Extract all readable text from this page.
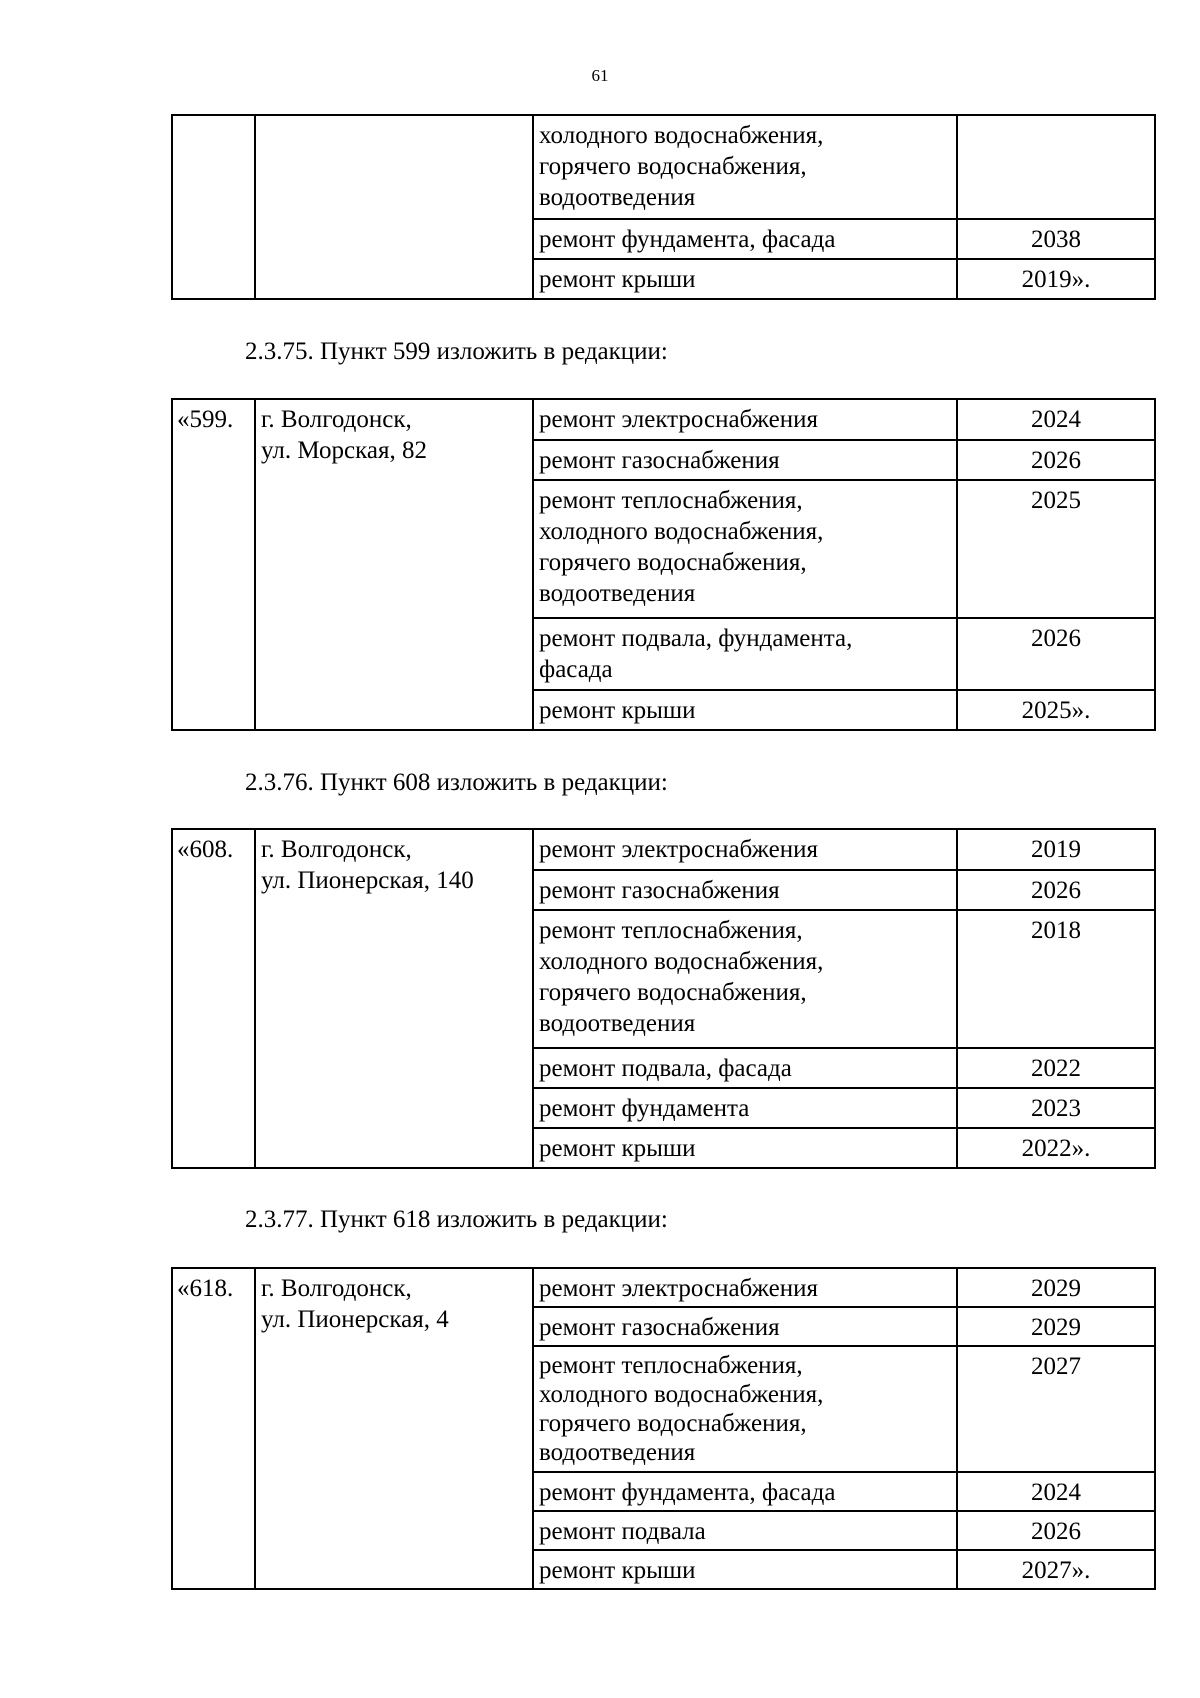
61

		холодного водоснабжения,
горячего водоснабжения,
водоотведения	

		ремонт фундамента, фасада	2038

		ремонт крыши	2019».
2.3.75. Пункт 599 изложить в редакции:
«599.	г. Волгодонск,
ул. Морская, 82	ремонт электроснабжения	2024

		ремонт газоснабжения	2026

		ремонт теплоснабжения,
холодного водоснабжения,
горячего водоснабжения,
водоотведения	2025

		ремонт подвала, фундамента,
фасада	2026

		ремонт крыши	2025».
2.3.76. Пункт 608 изложить в редакции:
«608.	г. Волгодонск,
ул. Пионерская, 140	ремонт электроснабжения	2019

		ремонт газоснабжения	2026

		ремонт теплоснабжения,
холодного водоснабжения,
горячего водоснабжения,
водоотведения	2018

		ремонт подвала, фасада	2022

		ремонт фундамента	2023

		ремонт крыши	2022».
2.3.77. Пункт 618 изложить в редакции:
«618.	г. Волгодонск,
ул. Пионерская, 4	ремонт электроснабжения	2029

		ремонт газоснабжения	2029

		ремонт теплоснабжения,
холодного водоснабжения,
горячего водоснабжения,
водоотведения	2027

		ремонт фундамента, фасада	2024

		ремонт подвала	2026

		ремонт крыши	2027».
